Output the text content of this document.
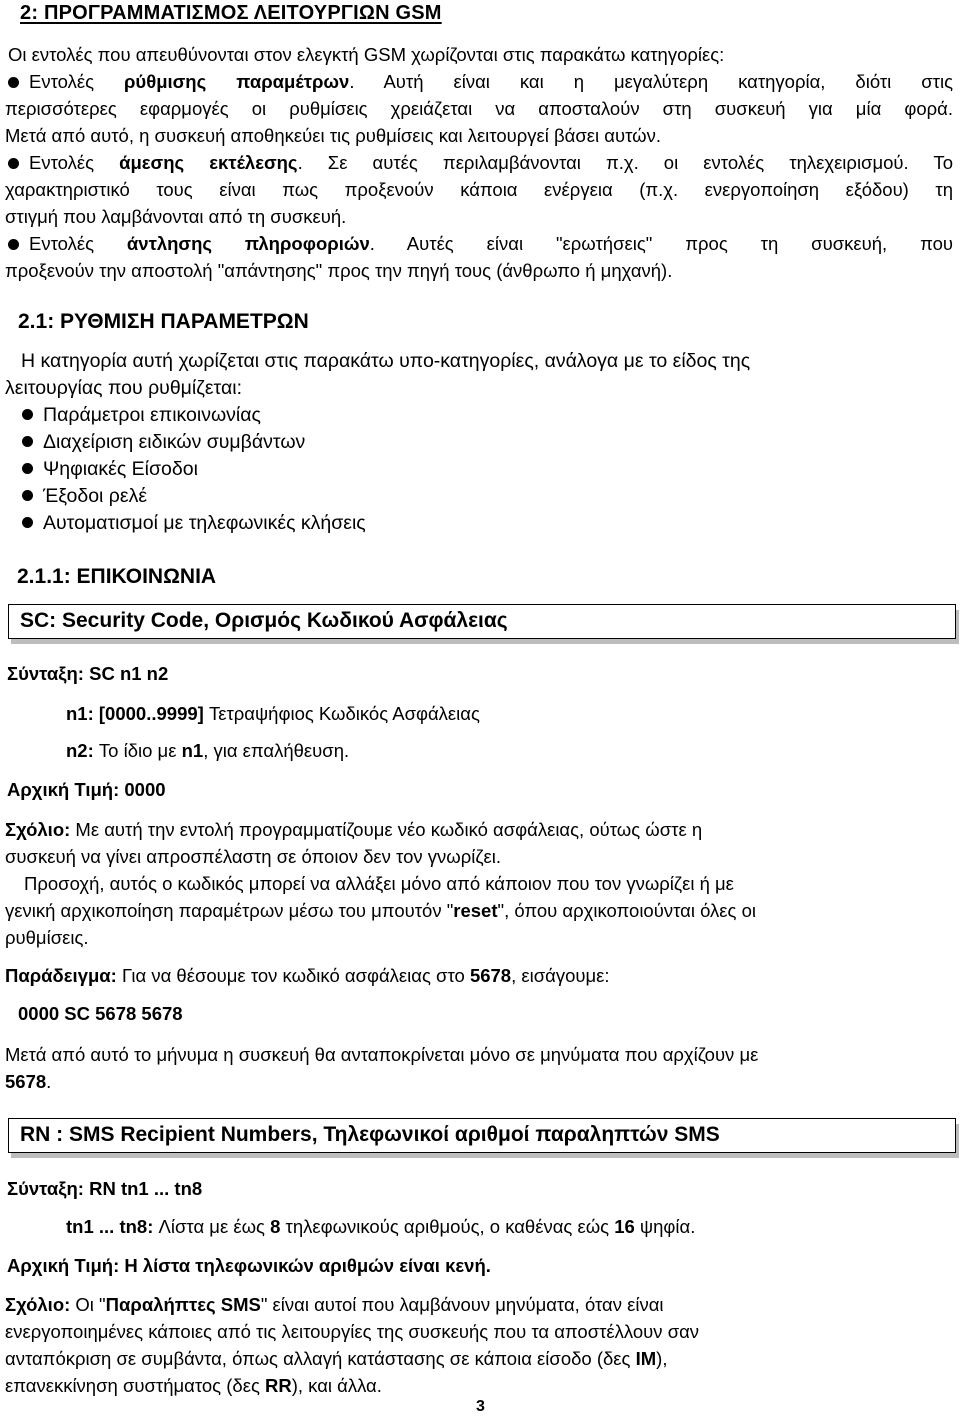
2: ΠΡΟΓΡΑΜΜΑΤΙΣΜΟΣ ΛΕΙΤΟΥΡΓΙΩΝ GSM
Οι εντολές που απευθύνονται στον ελεγκτή GSM χωρίζονται στις παρακάτω κατηγορίες:
Εντολές ρύθμισης παραμέτρων. Αυτή είναι και η μεγαλύτερη κατηγορία, διότι στις
περισσότερες εφαρμογές οι ρυθμίσεις χρειάζεται να αποσταλούν στη συσκευή για μία φορά.
Μετά από αυτό, η συσκευή αποθηκεύει τις ρυθμίσεις και λειτουργεί βάσει αυτών.
Εντολές άμεσης εκτέλεσης. Σε αυτές περιλαμβάνονται π.χ. οι εντολές τηλεχειρισμού. Το
χαρακτηριστικό τους είναι πως προξενούν κάποια ενέργεια (π.χ. ενεργοποίηση εξόδου) τη
στιγμή που λαμβάνονται από τη συσκευή.
Εντολές άντλησης πληροφοριών. Αυτές είναι "ερωτήσεις" προς τη συσκευή, που
προξενούν την αποστολή "απάντησης" προς την πηγή τους (άνθρωπο ή μηχανή).
2.1: ΡΥΘΜΙΣΗ ΠΑΡΑΜΕΤΡΩΝ
Η κατηγορία αυτή χωρίζεται στις παρακάτω υπο-κατηγορίες, ανάλογα με το είδος της
λειτουργίας που ρυθμίζεται:
Παράμετροι επικοινωνίας
Διαχείριση ειδικών συμβάντων
Ψηφιακές Είσοδοι
Έξοδοι ρελέ
Αυτοματισμοί με τηλεφωνικές κλήσεις
2.1.1: ΕΠΙΚΟΙΝΩΝΙΑ
SC: Security Code, Ορισμός Κωδικού Ασφάλειας
Σύνταξη: SC n1 n2
n1: [0000..9999] Τετραψήφιος Κωδικός Ασφάλειας
n2: Το ίδιο με n1, για επαλήθευση.
Αρχική Τιμή: 0000
Σχόλιο: Με αυτή την εντολή προγραμματίζουμε νέο κωδικό ασφάλειας, ούτως ώστε η
συσκευή να γίνει απροσπέλαστη σε όποιον δεν τον γνωρίζει.
Προσοχή, αυτός ο κωδικός μπορεί να αλλάξει μόνο από κάποιον που τον γνωρίζει ή με
γενική αρχικοποίηση παραμέτρων μέσω του μπουτόν "reset", όπου αρχικοποιούνται όλες οι
ρυθμίσεις.
Παράδειγμα: Για να θέσουμε τον κωδικό ασφάλειας στο 5678, εισάγουμε:
0000 SC 5678 5678
Μετά από αυτό το μήνυμα η συσκευή θα ανταποκρίνεται μόνο σε μηνύματα που αρχίζουν με
5678.
RN : SMS Recipient Numbers, Τηλεφωνικοί αριθμοί παραληπτών SMS
Σύνταξη: RN tn1 ... tn8
tn1 ... tn8: Λίστα με έως 8 τηλεφωνικούς αριθμούς, ο καθένας εώς 16 ψηφία.
Αρχική Τιμή: Η λίστα τηλεφωνικών αριθμών είναι κενή.
Σχόλιο: Οι "Παραλήπτες SMS" είναι αυτοί που λαμβάνουν μηνύματα, όταν είναι
ενεργοποιημένες κάποιες από τις λειτουργίες της συσκευής που τα αποστέλλουν σαν
ανταπόκριση σε συμβάντα, όπως αλλαγή κατάστασης σε κάποια είσοδο (δες IM),
επανεκκίνηση συστήματος (δες RR), και άλλα.
3
